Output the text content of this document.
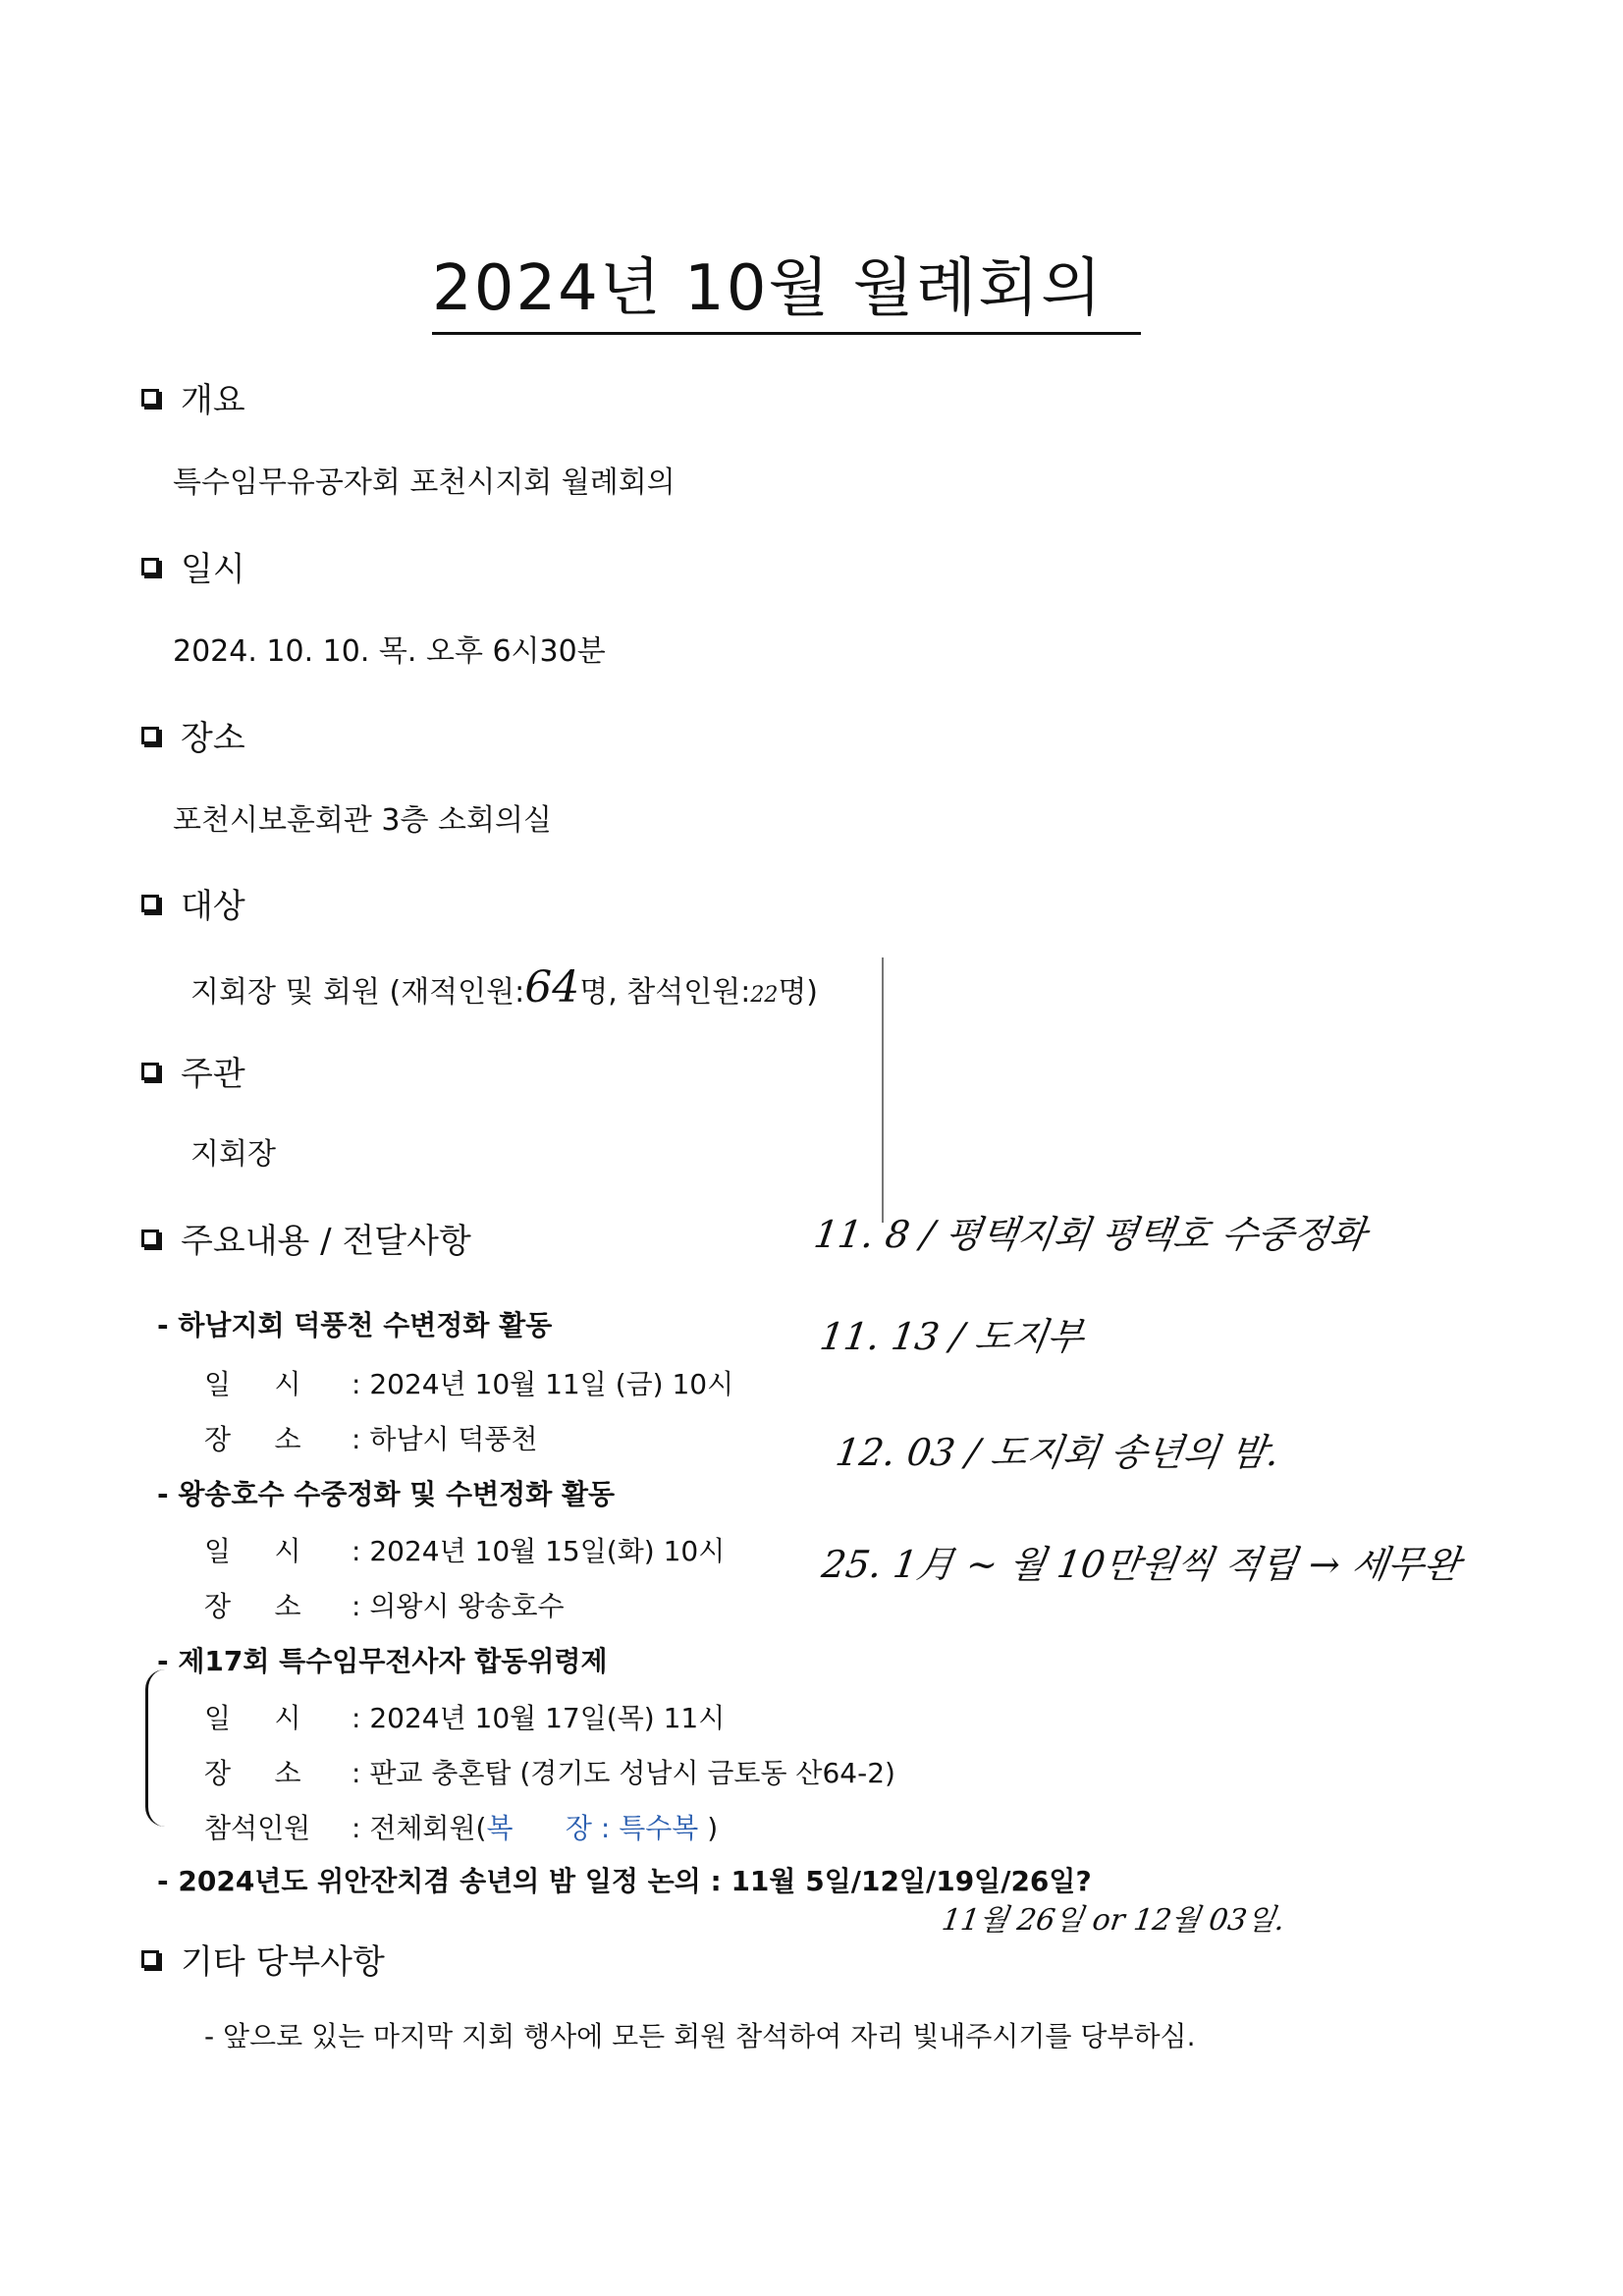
2024년 10월 월례회의
개요
특수임무유공자회 포천시지회 월례회의
일시
2024. 10. 10. 목. 오후 6시30분
장소
포천시보훈회관 3층 소회의실
대상
지회장 및 회원 (재적인원:64명, 참석인원:22명)
주관
지회장
주요내용 / 전달사항
- 하남지회 덕풍천 수변정화 활동
일     시 : 2024년 10월 11일 (금) 10시
장     소 : 하남시 덕풍천
- 왕송호수 수중정화 및 수변정화 활동
일     시 : 2024년 10월 15일(화) 10시
장     소 : 의왕시 왕송호수
- 제17회 특수임무전사자 합동위령제
일     시 : 2024년 10월 17일(목) 11시
장     소 : 판교 충혼탑 (경기도 성남시 금토동 산64-2)
참석인원 : 전체회원(복      장 : 특수복 )
- 2024년도 위안잔치겸 송년의 밤 일정 논의 : 11월 5일/12일/19일/26일?
기타 당부사항
- 앞으로 있는 마지막 지회 행사에 모든 회원 참석하여 자리 빛내주시기를 당부하심.
11. 8 / 평택지회 평택호 수중정화
11. 13 / 도지부
12. 03 / 도지회 송년의 밤.
25. 1月 ~ 월 10만원씩 적립 → 세무완
11월 26일 or 12월 03일.
